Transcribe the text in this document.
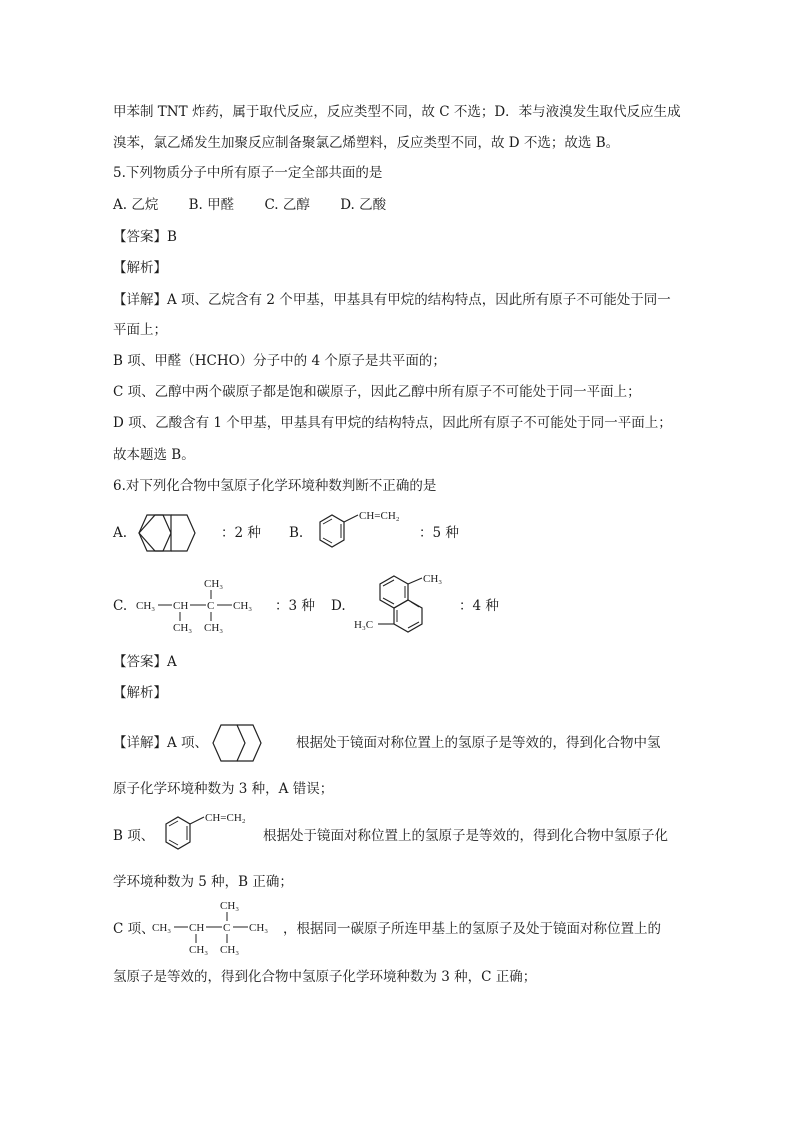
甲苯制 TNT 炸药，属于取代反应，反应类型不同，故 C 不选；D．苯与液溴发生取代反应生成

溴苯，氯乙烯发生加聚反应制备聚氯乙烯塑料，反应类型不同，故 D 不选；故选 B。

5.下列物质分子中所有原子一定全部共面的是

A. 乙烷 B. 甲醛 C. 乙醇 D. 乙酸

【答案】B

【解析】

【详解】A 项、乙烷含有 2 个甲基，甲基具有甲烷的结构特点，因此所有原子不可能处于同一

平面上；

B 项、甲醛（HCHO）分子中的 4 个原子是共平面的；

C 项、乙醇中两个碳原子都是饱和碳原子，因此乙醇中所有原子不可能处于同一平面上；

D 项、乙酸含有 1 个甲基，甲基具有甲烷的结构特点，因此所有原子不可能处于同一平面上；

故本题选 B。

6.对下列化合物中氢原子化学环境种数判断不正确的是

A.	：2 种 B.
CH=CH₂
：5 种
C. CH₃ CH
CH₃
C
CH₃
CH₃
CH₃ ：3 种 D.
CH₃
H₃C
：4 种

【答案】A

【解析】

【详解】A 项、	根据处于镜面对称位置上的氢原子是等效的，得到化合物中氢

原子化学环境种数为 3 种，A 错误；

B 项、
CH=CH₂
根据处于镜面对称位置上的氢原子是等效的，得到化合物中氢原子化

学环境种数为 5 种，B 正确；

C 项、
CH₃ CH
CH₃
C
CH₃
CH₃
CH₃ ，根据同一碳原子所连甲基上的氢原子及处于镜面对称位置上的

氢原子是等效的，得到化合物中氢原子化学环境种数为 3 种，C 正确；
